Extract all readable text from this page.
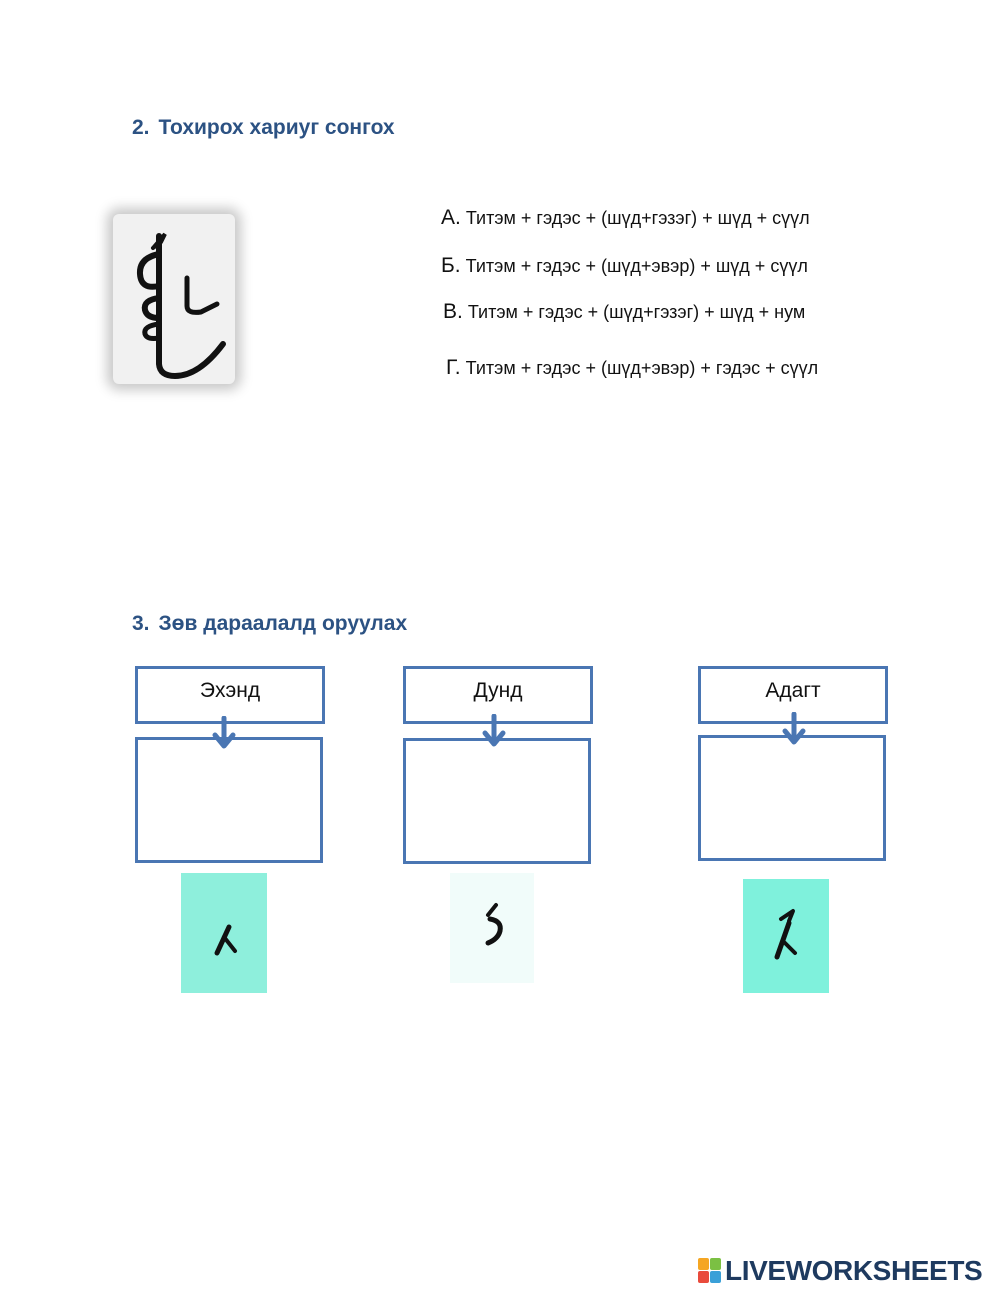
2. Тохирох хариуг сонгох
А. Титэм + гэдэс + (шүд+гэзэг) + шүд + сүүл
Б. Титэм + гэдэс + (шүд+эвэр) + шүд + сүүл
В. Титэм + гэдэс + (шүд+гэзэг) + шүд + нум
Г. Титэм + гэдэс + (шүд+эвэр) + гэдэс + сүүл
3. Зөв дараалалд оруулах
Эхэнд	Дунд	Адагт
LIVEWORKSHEETS
